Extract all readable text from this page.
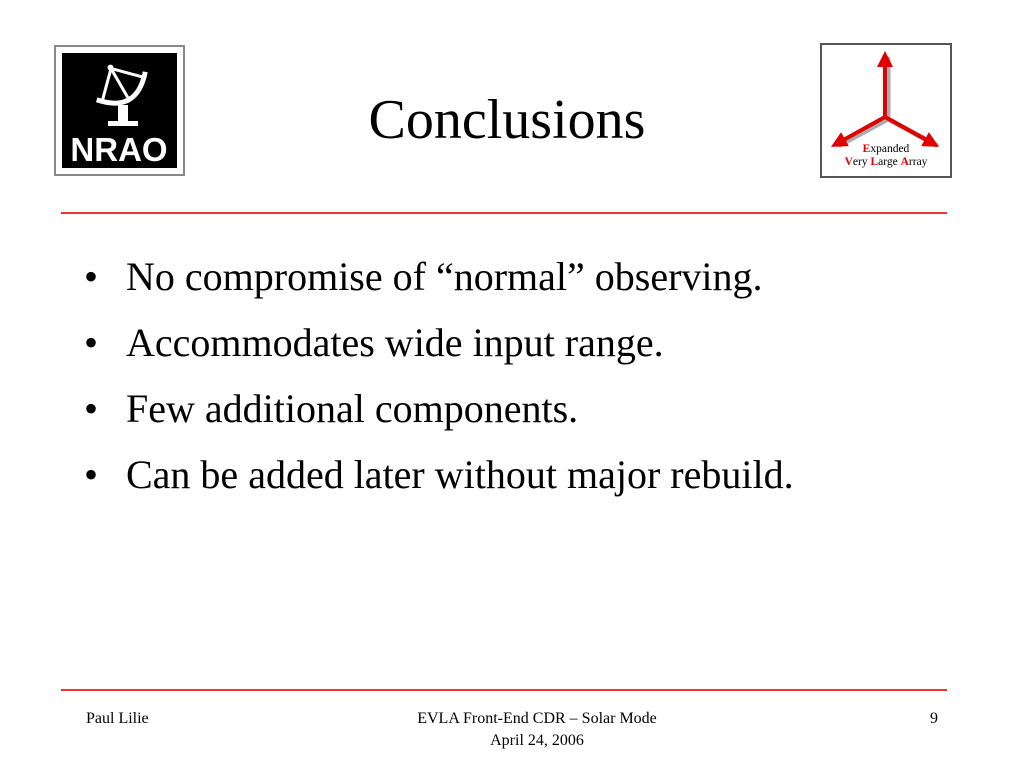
NRAO	Conclusions	Expanded
Very Large Array
• No compromise of “normal” observing.
• Accommodates wide input range.
• Few additional components.
• Can be added later without major rebuild.
Paul Lilie	EVLA Front-End CDR – Solar Mode
April 24, 2006
9
